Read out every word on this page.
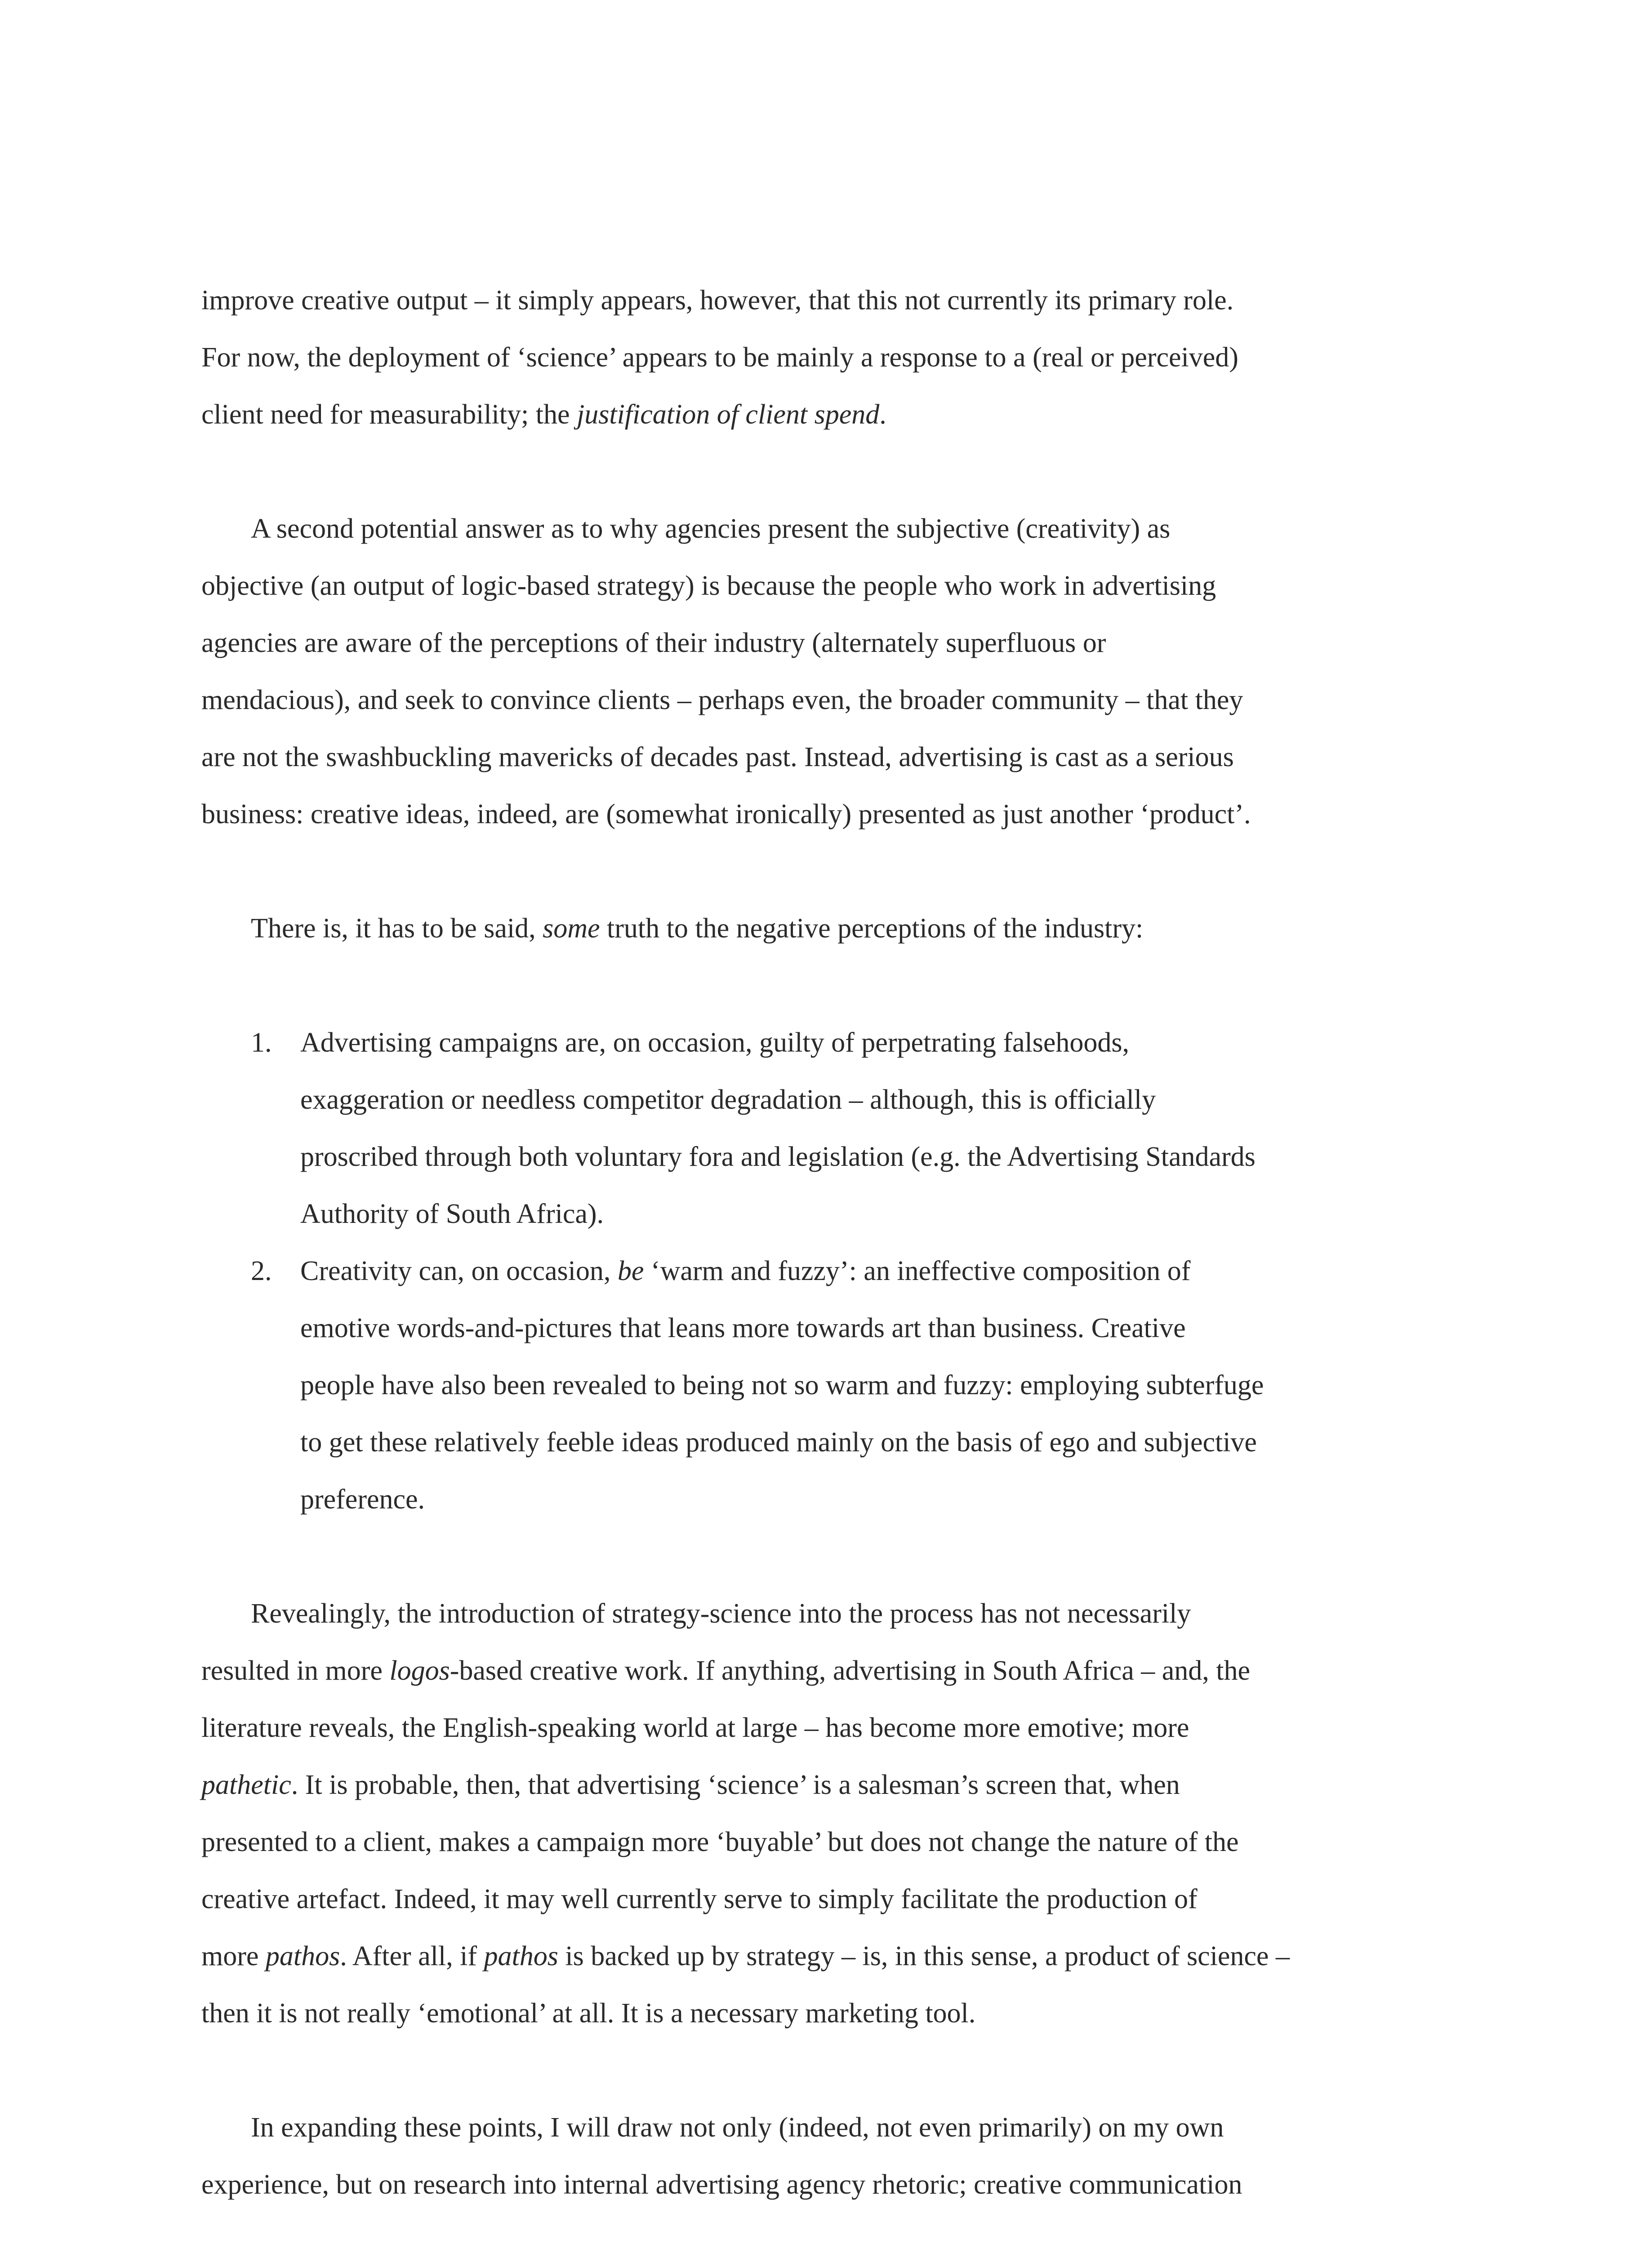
improve creative output – it simply appears, however, that this not currently its primary role.
For now, the deployment of ‘science’ appears to be mainly a response to a (real or perceived)
client need for measurability; the justification of client spend.

A second potential answer as to why agencies present the subjective (creativity) as
objective (an output of logic-based strategy) is because the people who work in advertising
agencies are aware of the perceptions of their industry (alternately superfluous or
mendacious), and seek to convince clients – perhaps even, the broader community – that they
are not the swashbuckling mavericks of decades past. Instead, advertising is cast as a serious
business: creative ideas, indeed, are (somewhat ironically) presented as just another ‘product’.

There is, it has to be said, some truth to the negative perceptions of the industry:

1. Advertising campaigns are, on occasion, guilty of perpetrating falsehoods,
exaggeration or needless competitor degradation – although, this is officially
proscribed through both voluntary fora and legislation (e.g. the Advertising Standards
Authority of South Africa).
2. Creativity can, on occasion, be ‘warm and fuzzy’: an ineffective composition of
emotive words-and-pictures that leans more towards art than business. Creative
people have also been revealed to being not so warm and fuzzy: employing subterfuge
to get these relatively feeble ideas produced mainly on the basis of ego and subjective
preference.

Revealingly, the introduction of strategy-science into the process has not necessarily
resulted in more logos-based creative work. If anything, advertising in South Africa – and, the
literature reveals, the English-speaking world at large – has become more emotive; more
pathetic. It is probable, then, that advertising ‘science’ is a salesman’s screen that, when
presented to a client, makes a campaign more ‘buyable’ but does not change the nature of the
creative artefact. Indeed, it may well currently serve to simply facilitate the production of
more pathos. After all, if pathos is backed up by strategy – is, in this sense, a product of science –
then it is not really ‘emotional’ at all. It is a necessary marketing tool.

In expanding these points, I will draw not only (indeed, not even primarily) on my own
experience, but on research into internal advertising agency rhetoric; creative communication
